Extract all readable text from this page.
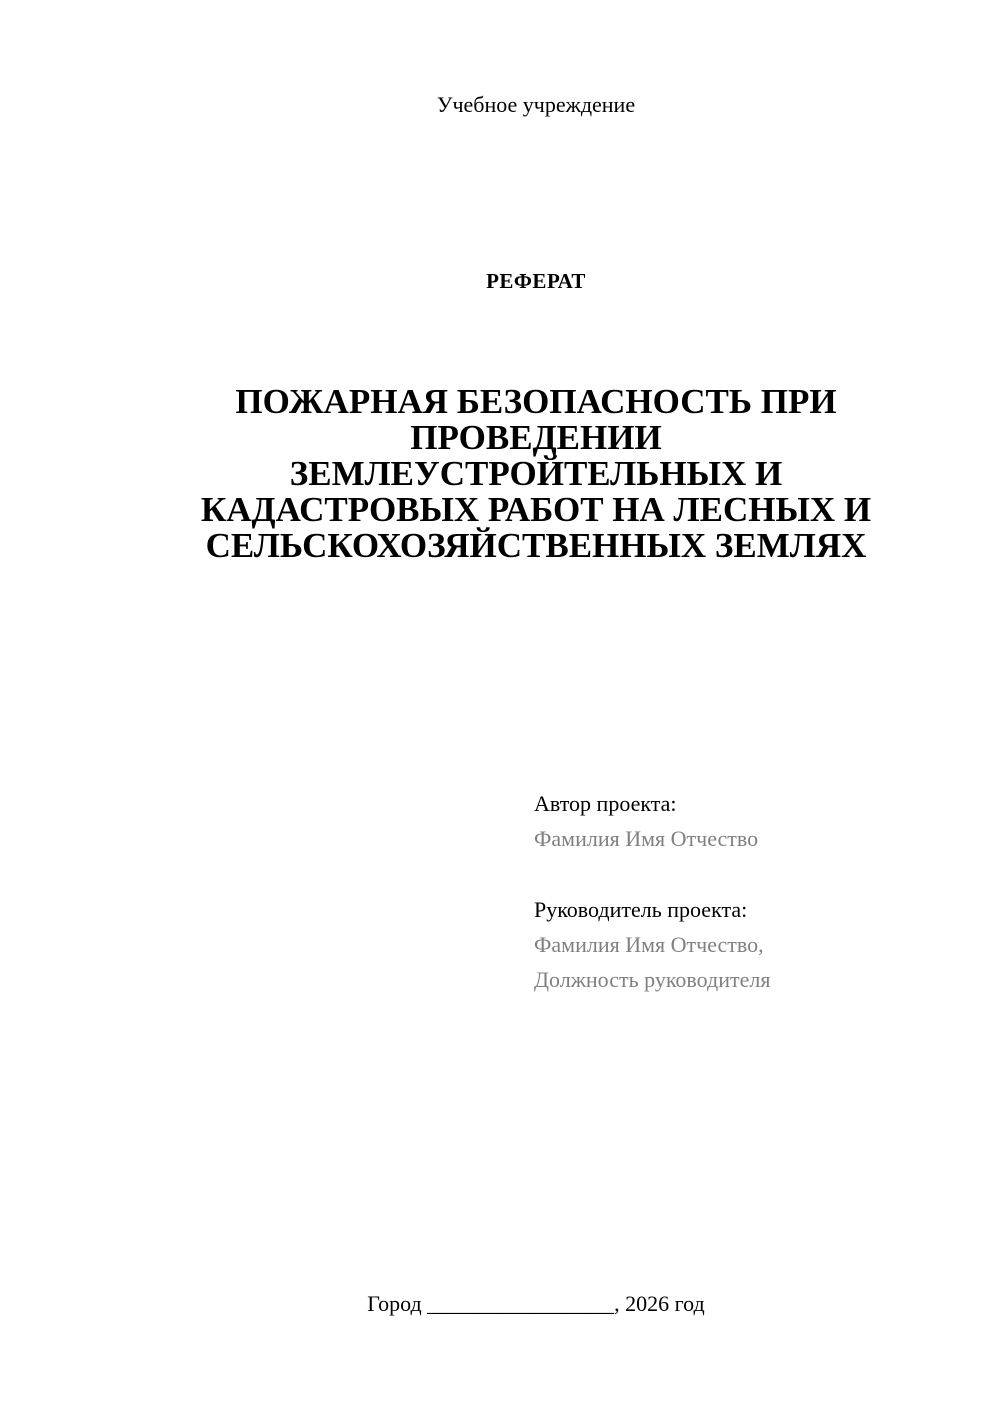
Учебное учреждение
РЕФЕРАТ
ПОЖАРНАЯ БЕЗОПАСНОСТЬ ПРИ
ПРОВЕДЕНИИ
ЗЕМЛЕУСТРОЙТЕЛЬНЫХ И
КАДАСТРОВЫХ РАБОТ НА ЛЕСНЫХ И
СЕЛЬСКОХОЗЯЙСТВЕННЫХ ЗЕМЛЯХ
Автор проекта:
Фамилия Имя Отчество
Руководитель проекта:
Фамилия Имя Отчество,
Должность руководителя
Город _________________, 2026 год
